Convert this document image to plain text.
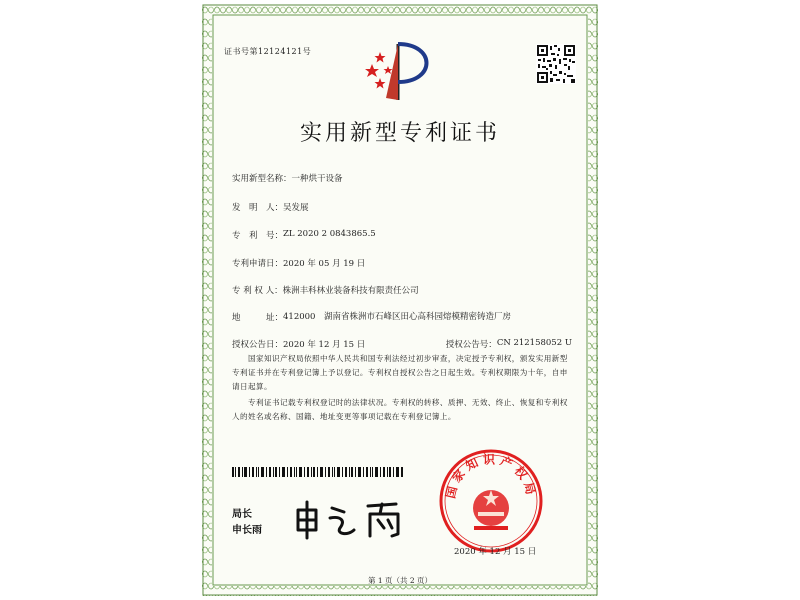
证书号第12124121号
实用新型专利证书
实用新型名称： 一种烘干设备
发　明　人： 吴发展
专　利　号： ZL 2020 2 0843865.5
专利申请日： 2020 年 05 月 19 日
专 利 权 人： 株洲丰科林业装备科技有限责任公司
地　　　址： 412000　湖南省株洲市石峰区田心高科园熔模精密铸造厂房
授权公告日： 2020 年 12 月 15 日	授权公告号： CN 212158052 U
国家知识产权局依照中华人民共和国专利法经过初步审查，决定授予专利权，颁发实用新型专利证书并在专利登记簿上予以登记。专利权自授权公告之日起生效。专利权期限为十年，自申请日起算。
专利证书记载专利权登记时的法律状况。专利权的转移、质押、无效、终止、恢复和专利权人的姓名或名称、国籍、地址变更等事项记载在专利登记簿上。
局长
申长雨
国家知识产权局
2020 年 12 月 15 日
第 1 页（共 2 页）
